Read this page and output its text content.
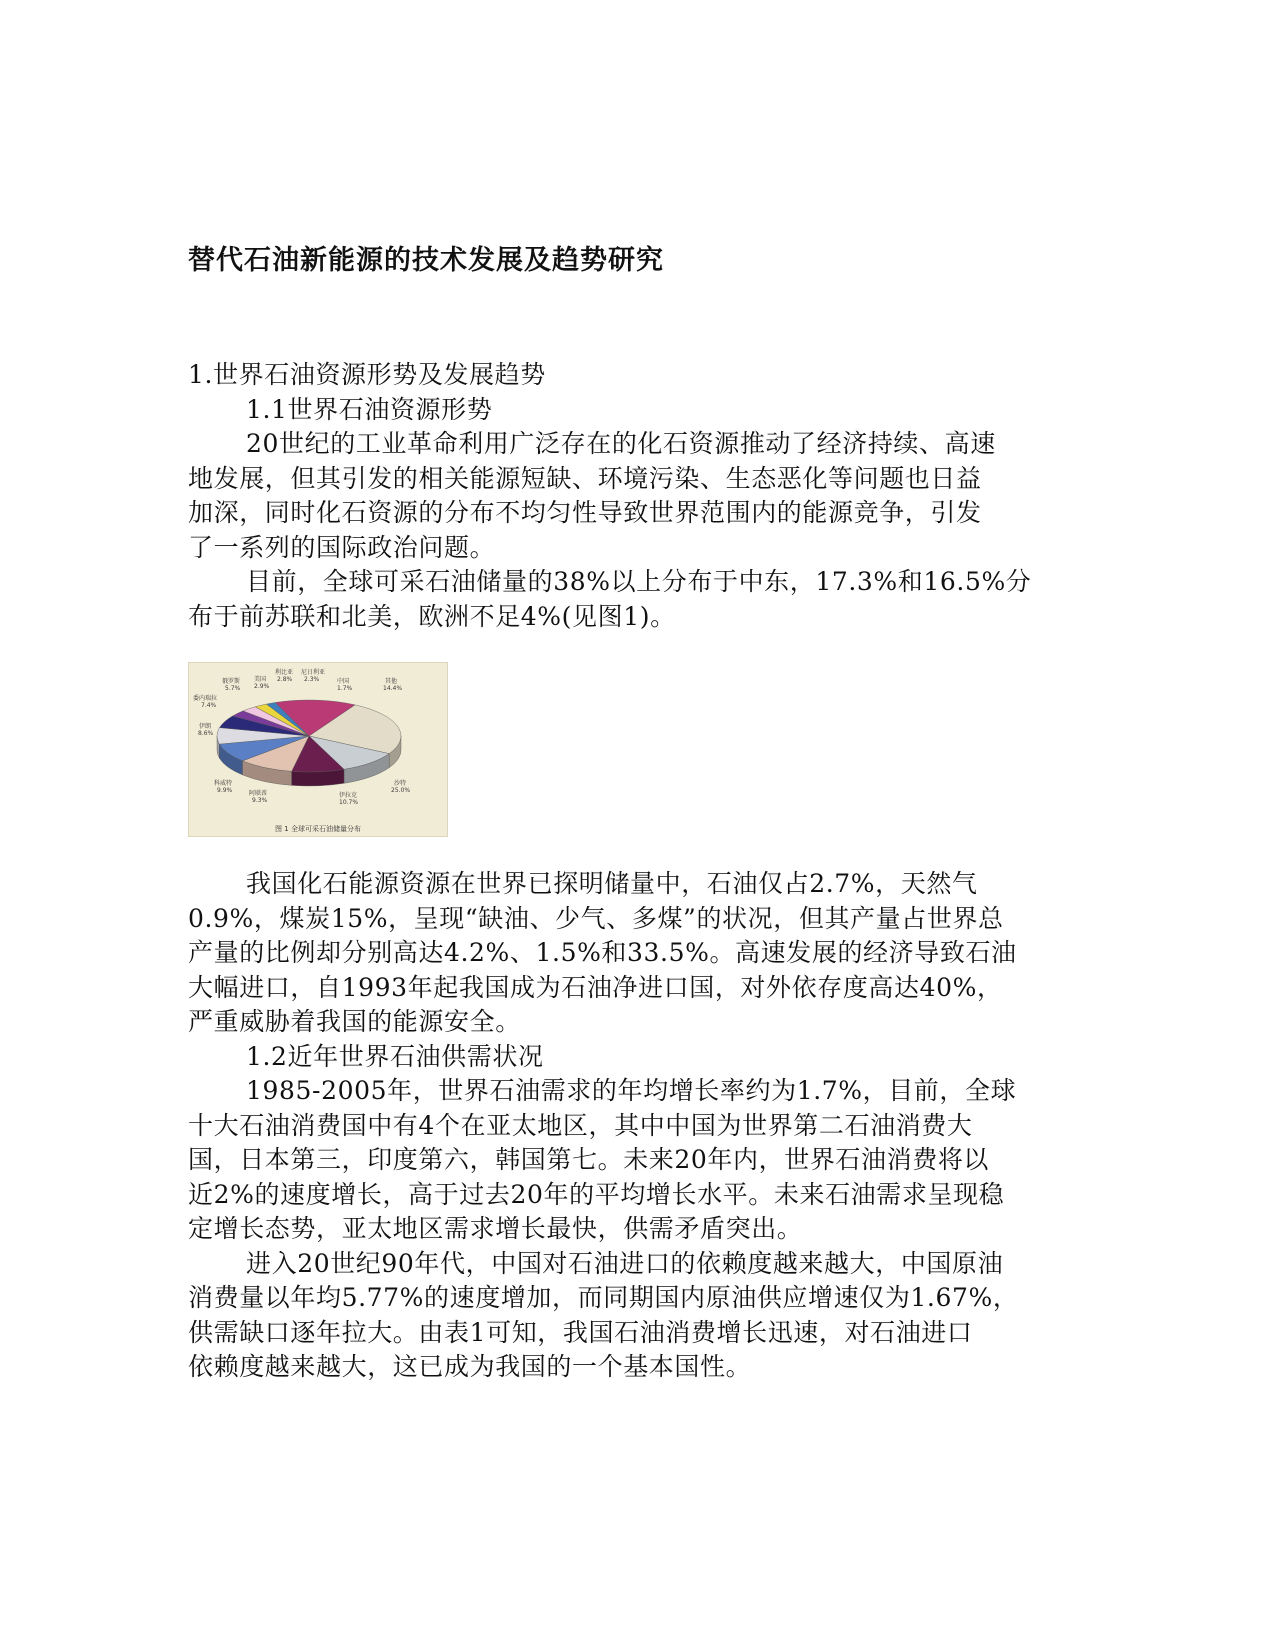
替代石油新能源的技术发展及趋势研究
1.世界石油资源形势及发展趋势
1.1世界石油资源形势
20世纪的工业革命利用广泛存在的化石资源推动了经济持续、高速
地发展，但其引发的相关能源短缺、环境污染、生态恶化等问题也日益
加深，同时化石资源的分布不均匀性导致世界范围内的能源竞争，引发
了一系列的国际政治问题。
目前，全球可采石油储量的38%以上分布于中东，17.3%和16.5%分
布于前苏联和北美，欧洲不足4%(见图1)。
俄罗斯
5.7%
美国
2.9%
利比亚
2.8%
尼日利亚
2.3%	中国
1.7%
其他
14.4%
委内瑞拉
7.4%
伊朗
8.6%
科威特
9.9%	阿联酋
9.3%
伊拉克
10.7%
沙特
25.0%
图 1 全球可采石油储量分布
我国化石能源资源在世界已探明储量中，石油仅占2.7%，天然气
0.9%，煤炭15%，呈现“缺油、少气、多煤”的状况，但其产量占世界总
产量的比例却分别高达4.2%、1.5%和33.5%。高速发展的经济导致石油
大幅进口，自1993年起我国成为石油净进口国，对外依存度高达40%，
严重威胁着我国的能源安全。
1.2近年世界石油供需状况
1985-2005年，世界石油需求的年均增长率约为1.7%，目前，全球
十大石油消费国中有4个在亚太地区，其中中国为世界第二石油消费大
国，日本第三，印度第六，韩国第七。未来20年内，世界石油消费将以
近2%的速度增长，高于过去20年的平均增长水平。未来石油需求呈现稳
定增长态势，亚太地区需求增长最快，供需矛盾突出。
进入20世纪90年代，中国对石油进口的依赖度越来越大，中国原油
消费量以年均5.77%的速度增加，而同期国内原油供应增速仅为1.67%，
供需缺口逐年拉大。由表1可知，我国石油消费增长迅速，对石油进口
依赖度越来越大，这已成为我国的一个基本国性。
